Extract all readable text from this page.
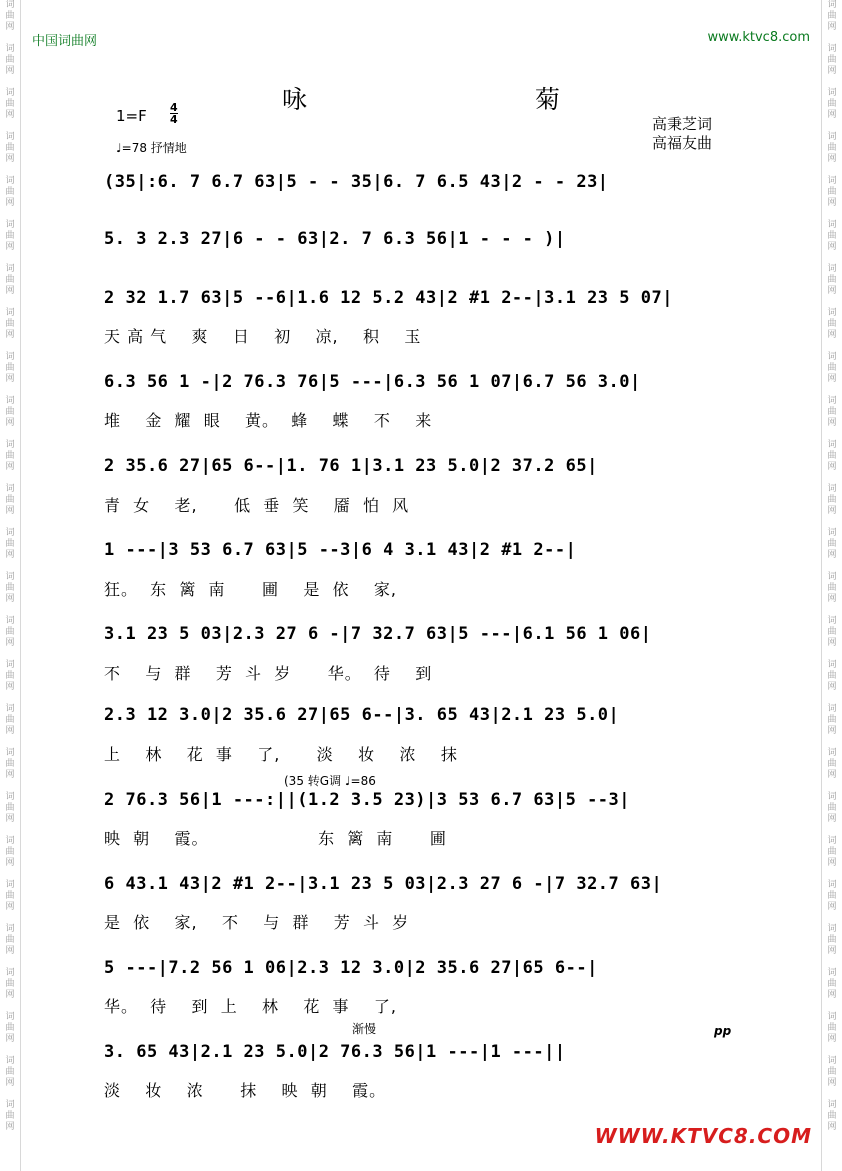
词
曲
网

词
曲
网

词
曲
网

词
曲
网

词
曲
网

词
曲
网

词
曲
网

词
曲
网

词
曲
网

词
曲
网

词
曲
网

词
曲
网

词
曲
网

词
曲
网

词
曲
网

词
曲
网

词
曲
网

词
曲
网

词
曲
网

词
曲
网

词
曲
网

词
曲
网

词
曲
网

词
曲
网

词
曲
网

词
曲
网
词
曲
网

词
曲
网

词
曲
网

词
曲
网

词
曲
网

词
曲
网

词
曲
网

词
曲
网

词
曲
网

词
曲
网

词
曲
网

词
曲
网

词
曲
网

词
曲
网

词
曲
网

词
曲
网

词
曲
网

词
曲
网

词
曲
网

词
曲
网

词
曲
网

词
曲
网

词
曲
网

词
曲
网

词
曲
网

词
曲
网
中国词曲网	www.ktvc8.com
咏 菊
1=F 4
4
♩=78 抒情地
高秉芝词
高福友曲
(35|:6. 7 6.7 63|5 - - 35|6. 7 6.5 43|2 - - 23|
5. 3 2.3 27|6 - - 63|2. 7 6.3 56|1 - - - )|
2 32 1.7 63|5 --6|1.6 12 5.2 43|2 #1 2--|3.1 23 5 07|
天 高 气    爽    日    初    凉,    积    玉
6.3 56 1 -|2 76.3 76|5 ---|6.3 56 1 07|6.7 56 3.0|
堆    金  耀  眼    黄。  蜂    蝶    不    来
2 35.6 27|65 6--|1. 76 1|3.1 23 5.0|2 37.2 65|
青  女    老,      低  垂  笑    靥  怕  风
1 ---|3 53 6.7 63|5 --3|6 4 3.1 43|2 #1 2--|
狂。  东  篱  南      圃    是  依    家,
3.1 23 5 03|2.3 27 6 -|7 32.7 63|5 ---|6.1 56 1 06|
不    与  群    芳  斗  岁      华。  待    到
2.3 12 3.0|2 35.6 27|65 6--|3. 65 43|2.1 23 5.0|
上    林    花  事    了,      淡    妆    浓    抹
(35 转G调 ♩=86
2 76.3 56|1 ---:||(1.2 3.5 23)|3 53 6.7 63|5 --3|
映  朝    霞。                  东  篱  南      圃
6 43.1 43|2 #1 2--|3.1 23 5 03|2.3 27 6 -|7 32.7 63|
是  依    家,    不    与  群    芳  斗  岁
5 ---|7.2 56 1 06|2.3 12 3.0|2 35.6 27|65 6--|
华。  待    到  上    林    花  事    了,
渐慢	pp
3. 65 43|2.1 23 5.0|2 76.3 56|1 ---|1 ---||
淡    妆    浓      抹    映  朝    霞。
WWW.KTVC8.COM
